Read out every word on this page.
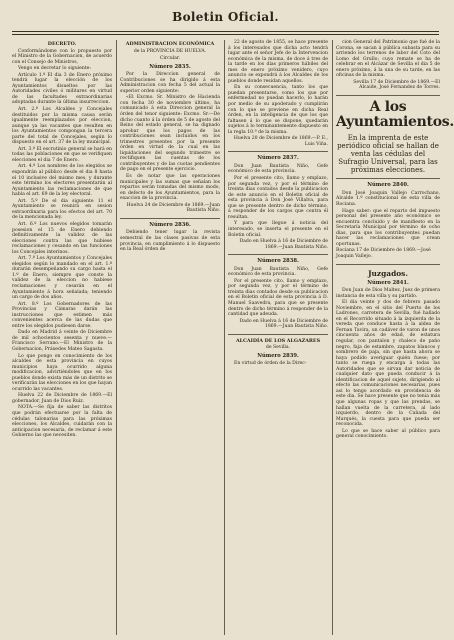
Boletin Oficial.
DECRETO.
Conformándome con lo propuesto por el Ministro de la Gobernacion, de acuerdo con el Consejo de Ministros,
Vengo en decretar lo siguiente:
Artículo 1.º El dia 3 de Enero próximo tendrá lugar la elección de los Ayuntamientos disueltos por las Autoridades civiles ó militares en virtud de las facultades extraordinarias adoptadas durante la última insurreccion.
Art. 2.º Los Alcaldes y Concejales destituidos por la misma causa serán igualmente reemplazados por eleccion, aunque ya las vacantes que resulten en los Ayuntamientos compongan la tercera parte del total de Concejales, según lo dispuesto en el art. 37 de la ley municipal.
Art. 3.º El escrutinio general se hará en todas las poblaciones en que se verifiquen elecciones el dia 7 de Enero.
Art. 4.º Los nombres de los elegidos se expondrán al público desde el dia 8 hasta el 10 inclusive del mismo mes, y durante este término los electores presentarán al Ayuntamiento las reclamaciones de que habla el art. 69 de la ley electoral.
Art. 5.º De el dia siguiente 11 el Ayuntamiento se reunirá en sesion extraordinaria para los efectos del art. 70 de la mencionada ley.
Art. 6.º Los nuevos elegidos tomarán posesion el 15 de Enero debiendo definitivamente la validez de las elecciones contra las que hubiese reclamaciones y cesando en las funciones los Concejales interinos.
Art. 7.º Los Ayuntamientos y Concejales elegidos según lo mandado en el art. 1.º durarán desempeñando su cargo hasta el 1.º de Enero, siempre que conste la validez de la eleccion no habiese reclamaciones y cesarán en el Ayuntamiento á hora señalada; teniendo un cargo de dos años.
Art. 8.º Los Gobernadores de las Provincias y Cámaras darán las instrucciones que estimen más convenientes acerca de las dudas que entre los elegidos pudiesen darse.
Dado en Madrid á veinte de Diciembre de mil ochocientos sesenta y nueve.—Francisco Serrano.—El Ministro de la Gobernacion, Práxedes Mateo Sagasta.
Lo que pongo en conocimiento de los alcaldes de esta provincia en cuyos municipios haya ocurrido alguna modificacion, advirtiéndoles que en los pueblos donde exista más de un distrito se verificarán las elecciones en los que hayan ocurrido las vacantes.
Huelva 22 de Diciembre de 1869.—El gobernador, Juan de Dios Ruiz.
NOTA.—Se fija de saber las distritos que podrán efectuarse por la falta de cédulas talonarias para las próximas elecciones, los Alcaldes, cuidarán con la anticipacion necesaria, de reclamar á este Gobierno las que necesiten.
ADMINISTRACION ECONÓMICA
de la PROVINCIA DE HUELVA.
Circular.
Número 2835.
Por la Direccion general de Contribuciones se ha dirigido á esta Administracion con fecha 5 del actual la superior orden siguiente:
«El Excmo. Sr. Ministro de Hacienda con fecha 30 de noviembre último, ha comunicado á esta Direccion general la órden del tenor siguiente: Excmo. Sr.—De dicho cuanto á la órden de 5 de agosto del Reino del estado general, se ha dignado aprobar que los pagos de las contribuciones sean incluidos en los trimestres presentes por la presente órden en virtud de la cual en las liquidaciones del segundo trimestre se rectifiquen las cuentas de los contribuyentes y de las cuotas pendientes de pago en el presente ejercicio.
Es de notar que las operaciones municipales y las sumas que señalan los repartos serán tomadas del mismo modo, en defecto de los Ayuntamientos, para la exaccion de la provincia.
Huelva 24 de Diciembre de 1869.—Juan Bautista Niño.
Número 2836.
Debiendo tener lugar la revista semestral de las clases pasivas de esta provincia, en cumplimiento á lo dispuesto en la Real órden de
22 de agosto de 1855, se hace presente á los interesados que dicha acto tendrá lugar ante el señor Jefe de la Intervencion económica de la misma, de doce á tres de la tarde en los dias primeros hábiles del mes de enero próximo venidero, cuyo anuncio se expondrá á los Alcaldes de los pueblos donde residan aquellos.
En su consecuencia, tanto los que puedan presentarse, como los que por enfermedad no puedan hacerlo, lo harán por medio de su apoderado y cumplirán con lo que se previene en dicha Real órden, en la inteligencia de que los que faltasen á lo que se dispone, quedarán sujetos á lo terminantemente dispuesto en la regla 10.ª de la misma.
Huelva 20 de Diciembre de 1869.—P. E., Luis Viña.
Número 2837.
Don Juan Bautista Niño, Gefe económico de esta provincia.
Por el presente cito, llamo y emplazo, por segunda vez, y por el término de treinta dias contados desde la publicacion de este anuncio en el Boletin oficial de esta provincia á Don José Villalva, para que se presente dentro de dicho término, á responder de los cargos que contra él resultan.
Y para que llegue á noticia del interesado, se inserta el presente en el Boletin oficial.
Dado en Huelva á 16 de Diciembre de 1869.—Juan Bautista Niño.
Número 2838.
Don Juan Bautista Niño, Gefe económico de esta provincia.
Por el presente cito, llamo y emplazo, por segunda vez, y por el término de treinta dias contados desde su publicacion en el Boletin oficial de esta provincia á D. Manuel Saavedra, para que se presente dentro de dicho término á responder de la cantidad que adeuda.
Dado en Huelva á 16 de Diciembre de 1869.—Juan Bautista Niño.
ALCAIDÍA DE LOS ALGAZARES
de Sevilla.
Número 2839.
En virtud de órden de la Direc-
cion General del Patrimonio que fué de la Corona, se sacan á pública subasta para su arriendo los terrenos de labor del Coto del Lomo del Grullo; cuyo remate se ha de celebrar en el Alcázar de Sevilla el dia 5 de enero próximo, á la una de su tarde, en las oficinas de la misma.
Sevilla 17 de Diciembre de 1869.—El Alcaide, José Fernandez de Torres.
A los Ayuntamientos.
En la imprenta de este periódico oficial se hallan de venta las cédulas del Sufragio Universal, para las próximas elecciones.
Número 2840.
Don José Joaquin Vallejo Carrochano, Alcalde 1.º constitucional de esta villa de Rociana.
Hago saber: que el reparto del impuesto personal del presente año económico se encuentra concluido y de manifiesto en la Secretaría Municipal por término de ocho dias, para que los contribuyentes puedan hacer las reclamaciones que crean oportunas.
Rociana 17 de Diciembre de 1869.—José Joaquin Vallejo.
Juzgados.
Número 2841.
Don Juan de Dios Maltez, Juez de primera instancia de esta villa y su partido.
El dia veinte y dos de febrero pasado Noviembre, en el sitio del Puerto de los Ladrones, carretera de Sevilla, fué hallado en el Recorrido situado á la izquierda de la vereda que conduce hasta á la aldea de Fernan Tavira, un cadáver de varon de unos cincuenta años de edad, de estatura regular, con pantalon y chaleco de paño negro, faja de estambre, zapatos blancos y sombrero de paja, sin que hasta ahora se haya podido averiguar quién fuese; por tanto se ruega y encarga á todas las Autoridades que se sirvan dar noticia de cualquier dato que pueda conducir á la identificacion de aquel sujeto, dirigiendo al efecto las comunicaciones necesarias, pues asi lo tengo acordado en providencia de este dia. Se hace presente que no tenía más que algunas ropas y que las prendas, se hallan vuelta de la carretera, al lado izquierdo, dentro de la Cañada del Marqués, la cuesta para que pueda ser reconocida.
Lo que se hace saber al público para general conocimiento.
